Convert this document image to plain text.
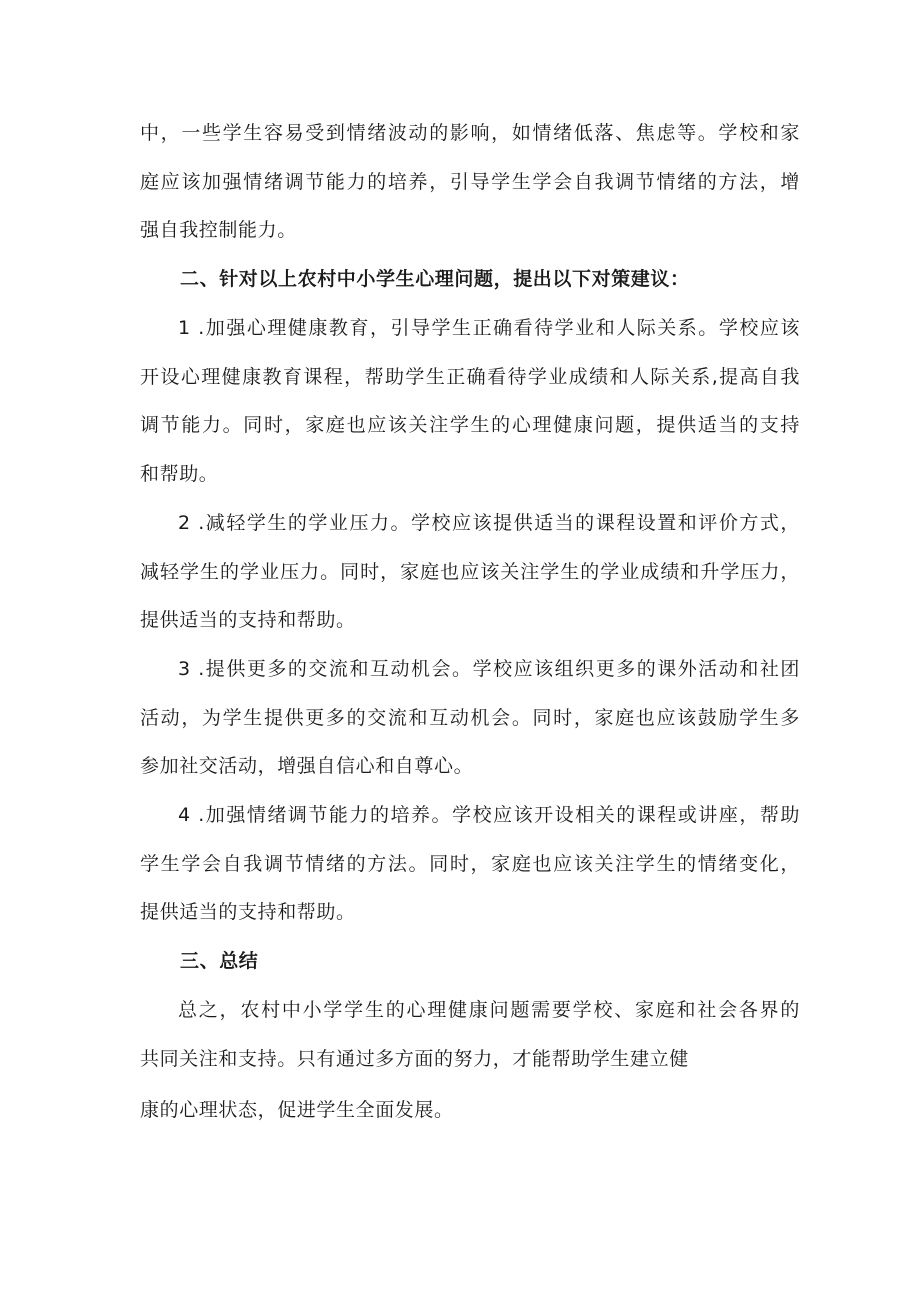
中，一些学生容易受到情绪波动的影响，如情绪低落、焦虑等。学校和家
庭应该加强情绪调节能力的培养，引导学生学会自我调节情绪的方法，增
强自我控制能力。
二、针对以上农村中小学生心理问题，提出以下对策建议：
1 .加强心理健康教育，引导学生正确看待学业和人际关系。学校应该
开设心理健康教育课程，帮助学生正确看待学业成绩和人际关系,提高自我
调节能力。同时，家庭也应该关注学生的心理健康问题，提供适当的支持
和帮助。
2 .减轻学生的学业压力。学校应该提供适当的课程设置和评价方式，
减轻学生的学业压力。同时，家庭也应该关注学生的学业成绩和升学压力，
提供适当的支持和帮助。
3 .提供更多的交流和互动机会。学校应该组织更多的课外活动和社团
活动，为学生提供更多的交流和互动机会。同时，家庭也应该鼓励学生多
参加社交活动，增强自信心和自尊心。
4 .加强情绪调节能力的培养。学校应该开设相关的课程或讲座，帮助
学生学会自我调节情绪的方法。同时，家庭也应该关注学生的情绪变化，
提供适当的支持和帮助。
三、总结
总之，农村中小学学生的心理健康问题需要学校、家庭和社会各界的
共同关注和支持。只有通过多方面的努力，才能帮助学生建立健
康的心理状态，促进学生全面发展。
